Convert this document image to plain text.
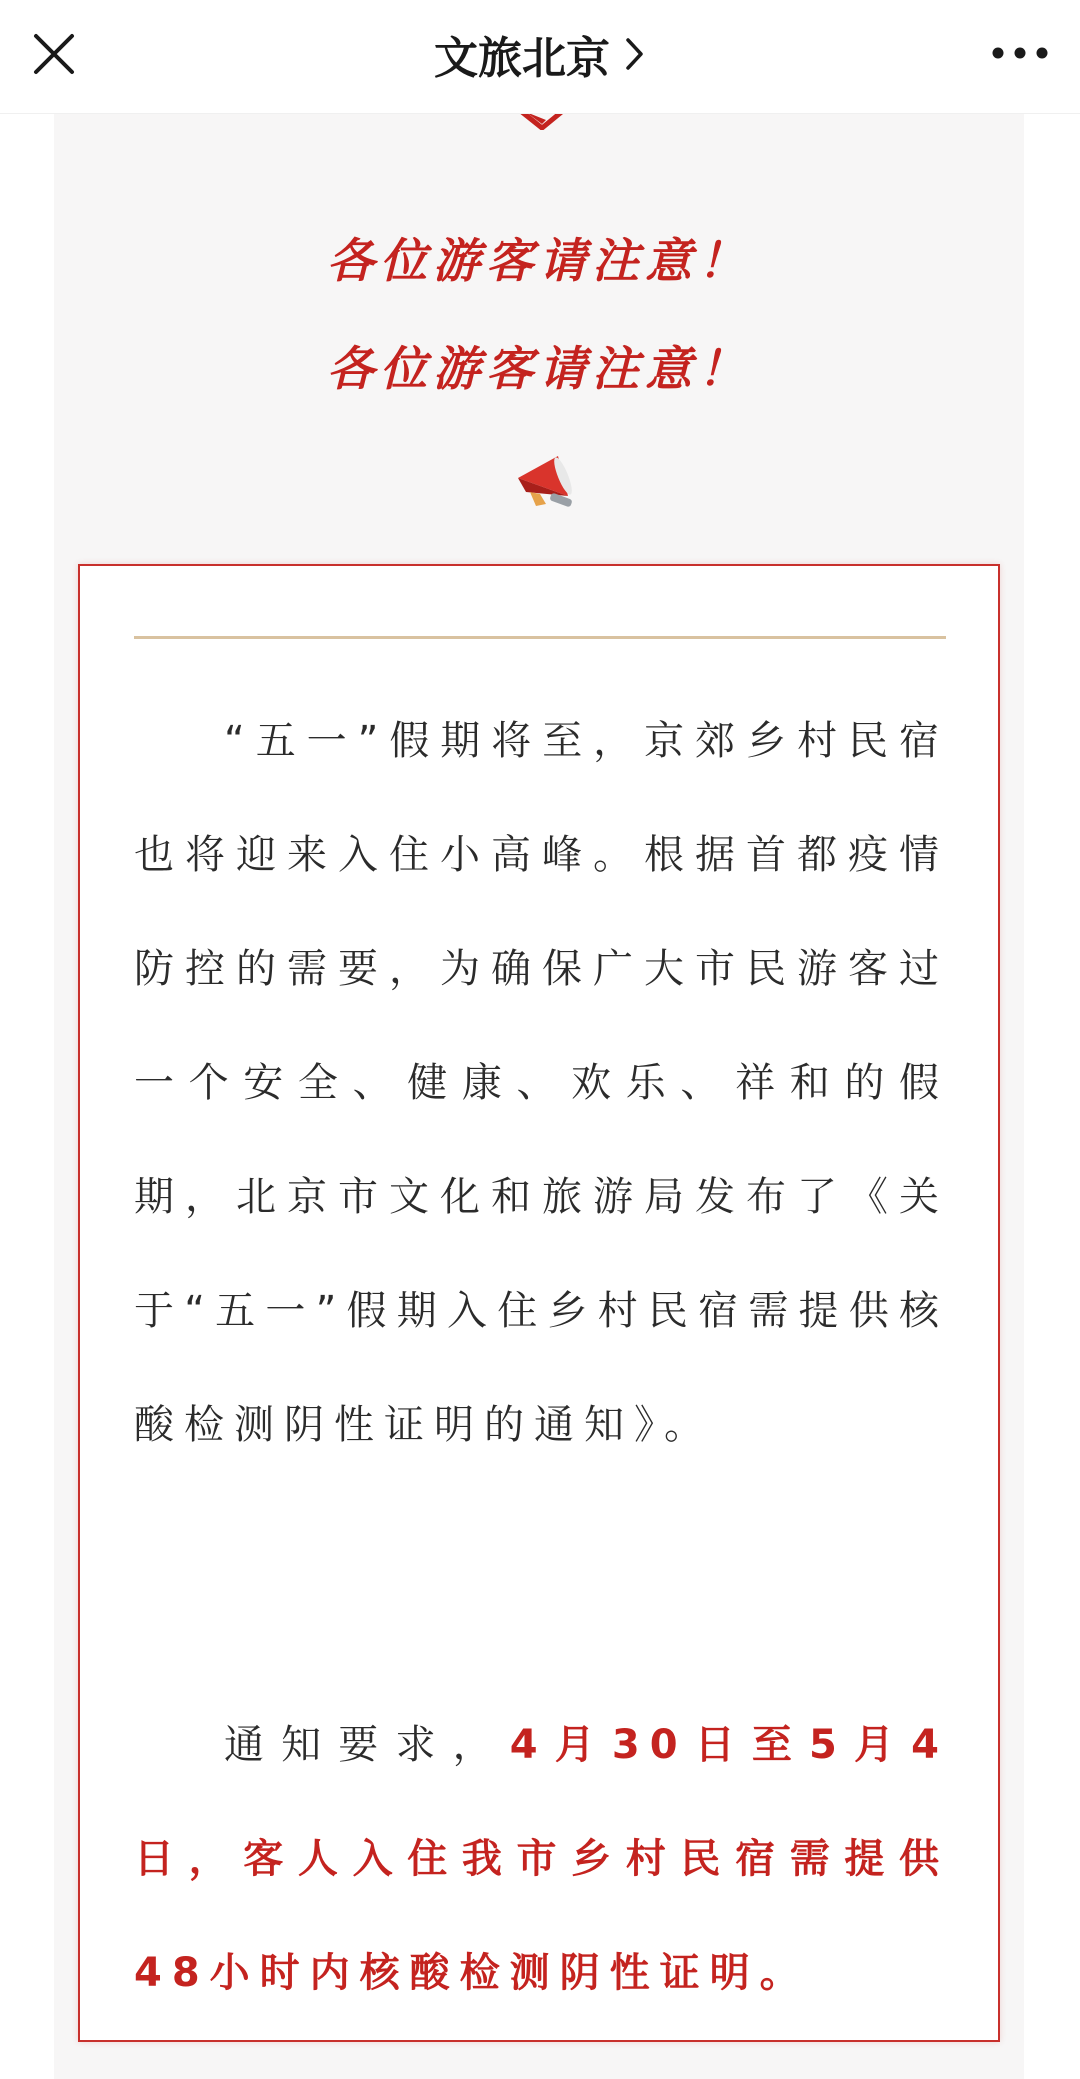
文旅北京
各位游客请注意！
各位游客请注意！

“五一”假期将至，京郊乡村民宿也将迎来入住小高峰。根据首都疫情防控的需要，为确保广大市民游客过一个安全、健康、欢乐、祥和的假期，北京市文化和旅游局发布了《关于“五一”假期入住乡村民宿需提供核酸检测阴性证明的通知》。

通知要求，4月30日至5月4日，客人入住我市乡村民宿需提供48小时内核酸检测阴性证明。
